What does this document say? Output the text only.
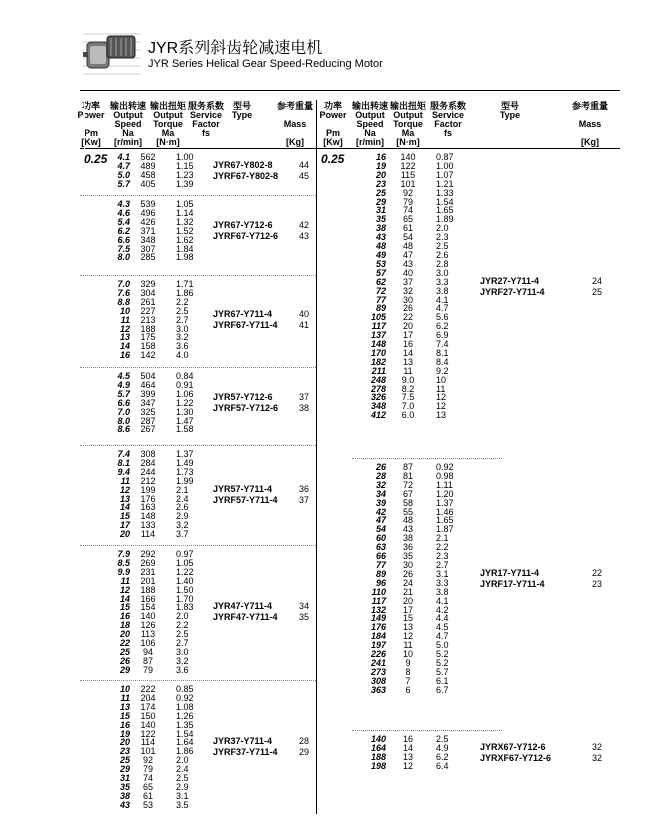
JYR系列斜齿轮减速电机
JYR Series Helical Gear Speed-Reducing Motor
功率
Power
Pm
[Kw]
输出转速
Output
Speed
Na
[r/min]
输出扭矩
Output
Torque
Ma
[N·m]
服务系数
Service
Factor
fs
型号
Type
参考重量
Mass
[Kg]
功率
Power
Pm
[Kw]
输出转速
Output
Speed
Na
[r/min]
输出扭矩
Output
Torque
Ma
[N·m]
服务系数
Service
Factor
fs
型号
Type
参考重量
Mass
[Kg]
0.25	0.25
4.1
4.7
5.0
5.7
562
489
458
405
1.00
1.15
1.23
1.39
JYR67-Y802-8
JYRF67-Y802-8
44
45
4.3
4.6
5.4
6.2
6.6
7.5
8.0
539
496
426
371
348
307
285
1.05
1.14
1.32
1.52
1.62
1.84
1.98
JYR67-Y712-6
JYRF67-Y712-6
42
43
7.0
7.6
8.8
10
11
12
13
14
16
329
304
261
227
213
188
175
158
142
1.71
1.86
2.2
2.5
2.7
3.0
3.2
3.6
4.0
JYR67-Y711-4
JYRF67-Y711-4
40
41
4.5
4.9
5.7
6.6
7.0
8.0
8.6
504
464
399
347
325
287
267
0.84
0.91
1.06
1.22
1.30
1.47
1.58
JYR57-Y712-6
JYRF57-Y712-6
37
38
7.4
8.1
9.4
11
12
13
14
15
17
20
308
284
244
212
199
176
163
148
133
114
1.37
1.49
1.73
1.99
2.1
2.4
2.6
2.9
3.2
3.7
JYR57-Y711-4
JYRF57-Y711-4
36
37
7.9
8.5
9.9
11
12
14
15
16
18
20
22
25
26
29
292
269
231
201
188
166
154
140
126
113
106
94
87
79
0.97
1.05
1.22
1.40
1.50
1.70
1.83
2.0
2.2
2.5
2.7
3.0
3.2
3.6
JYR47-Y711-4
JYRF47-Y711-4
34
35
10
11
13
15
16
19
20
23
25
29
31
35
38
43
222
204
174
150
140
122
114
101
92
79
74
65
61
53
0.85
0.92
1.08
1.26
1.35
1.54
1.64
1.86
2.0
2.4
2.5
2.9
3.1
3.5
JYR37-Y711-4
JYRF37-Y711-4
28
29
16
19
20
23
25
29
31
35
38
43
48
49
53
57
62
72
77
89
105
117
137
148
170
182
211
248
278
326
348
412
140
122
115
101
92
79
74
65
61
54
48
47
43
40
37
32
30
26
22
20
17
16
14
13
11
9.0
8.2
7.5
7.0
6.0
0.87
1.00
1.07
1.21
1.33
1.54
1.65
1.89
2.0
2.3
2.5
2.6
2.8
3.0
3.3
3.8
4.1
4.7
5.6
6.2
6.9
7.4
8.1
8.4
9.2
10
11
12
12
13
JYR27-Y711-4
JYRF27-Y711-4
24
25
26
28
32
34
39
42
47
54
60
63
66
77
89
96
110
117
132
149
176
184
197
226
241
273
308
363
87
81
72
67
58
55
48
43
38
36
35
30
26
24
21
20
17
15
13
12
11
10
9
8
7
6
0.92
0.98
1.11
1.20
1.37
1.46
1.65
1.87
2.1
2.2
2.3
2.7
3.1
3.3
3.8
4.1
4.2
4.4
4.5
4.7
5.0
5.2
5.2
5.7
6.1
6.7
JYR17-Y711-4
JYRF17-Y711-4
22
23
140
164
188
198
16
14
13
12
2.5
4.9
6.2
6.4
JYRX67-Y712-6
JYRXF67-Y712-6
32
32
